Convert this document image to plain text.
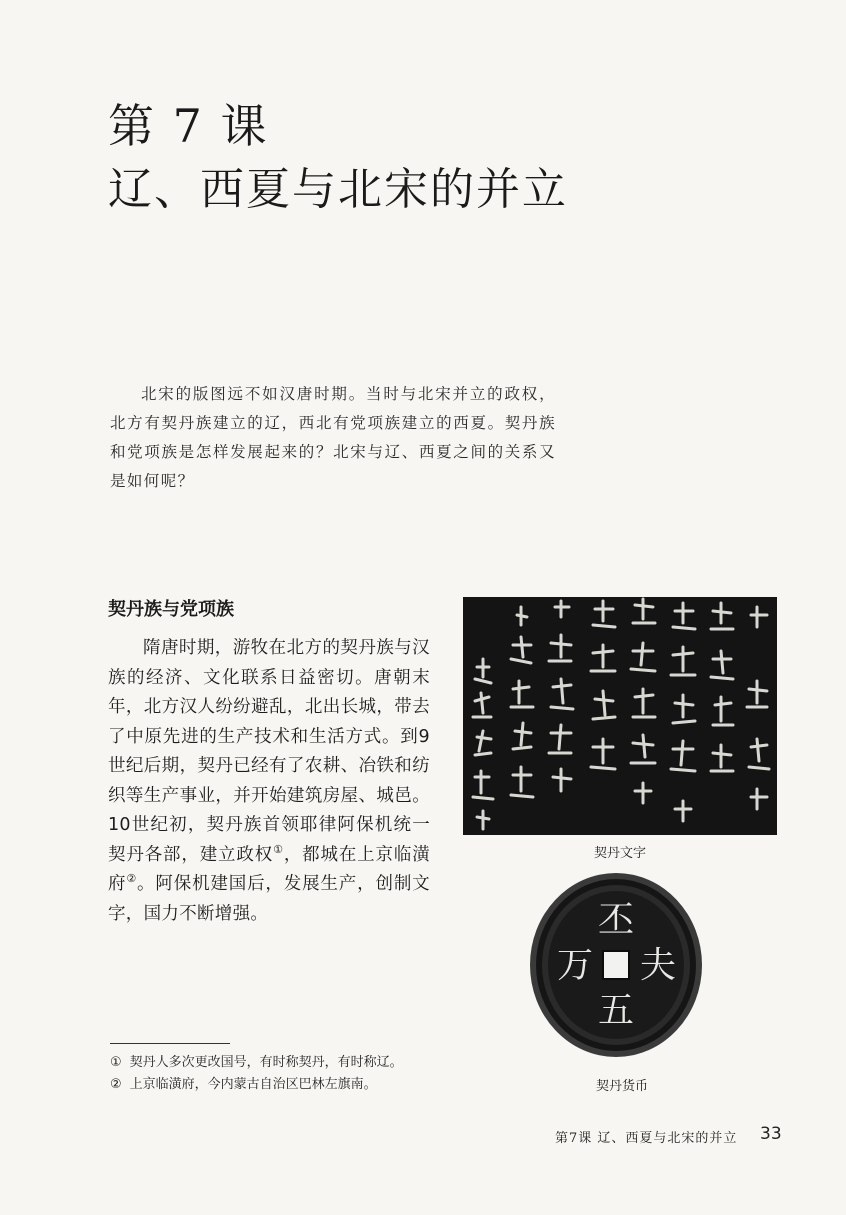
第 7 课
辽、西夏与北宋的并立

北宋的版图远不如汉唐时期。当时与北宋并立的政权，北方有契丹族建立的辽，西北有党项族建立的西夏。契丹族和党项族是怎样发展起来的？北宋与辽、西夏之间的关系又是如何呢？

契丹族与党项族

隋唐时期，游牧在北方的契丹族与汉族的经济、文化联系日益密切。唐朝末年，北方汉人纷纷避乱，北出长城，带去了中原先进的生产技术和生活方式。到9世纪后期，契丹已经有了农耕、冶铁和纺织等生产事业，并开始建筑房屋、城邑。10世纪初，契丹族首领耶律阿保机统一契丹各部，建立政权①，都城在上京临潢府②。阿保机建国后，发展生产，创制文字，国力不断增强。

契丹文字
丕
万 夫
五
契丹货币
① 契丹人多次更改国号，有时称契丹，有时称辽。
② 上京临潢府，今内蒙古自治区巴林左旗南。
第7课 辽、西夏与北宋的并立 33
